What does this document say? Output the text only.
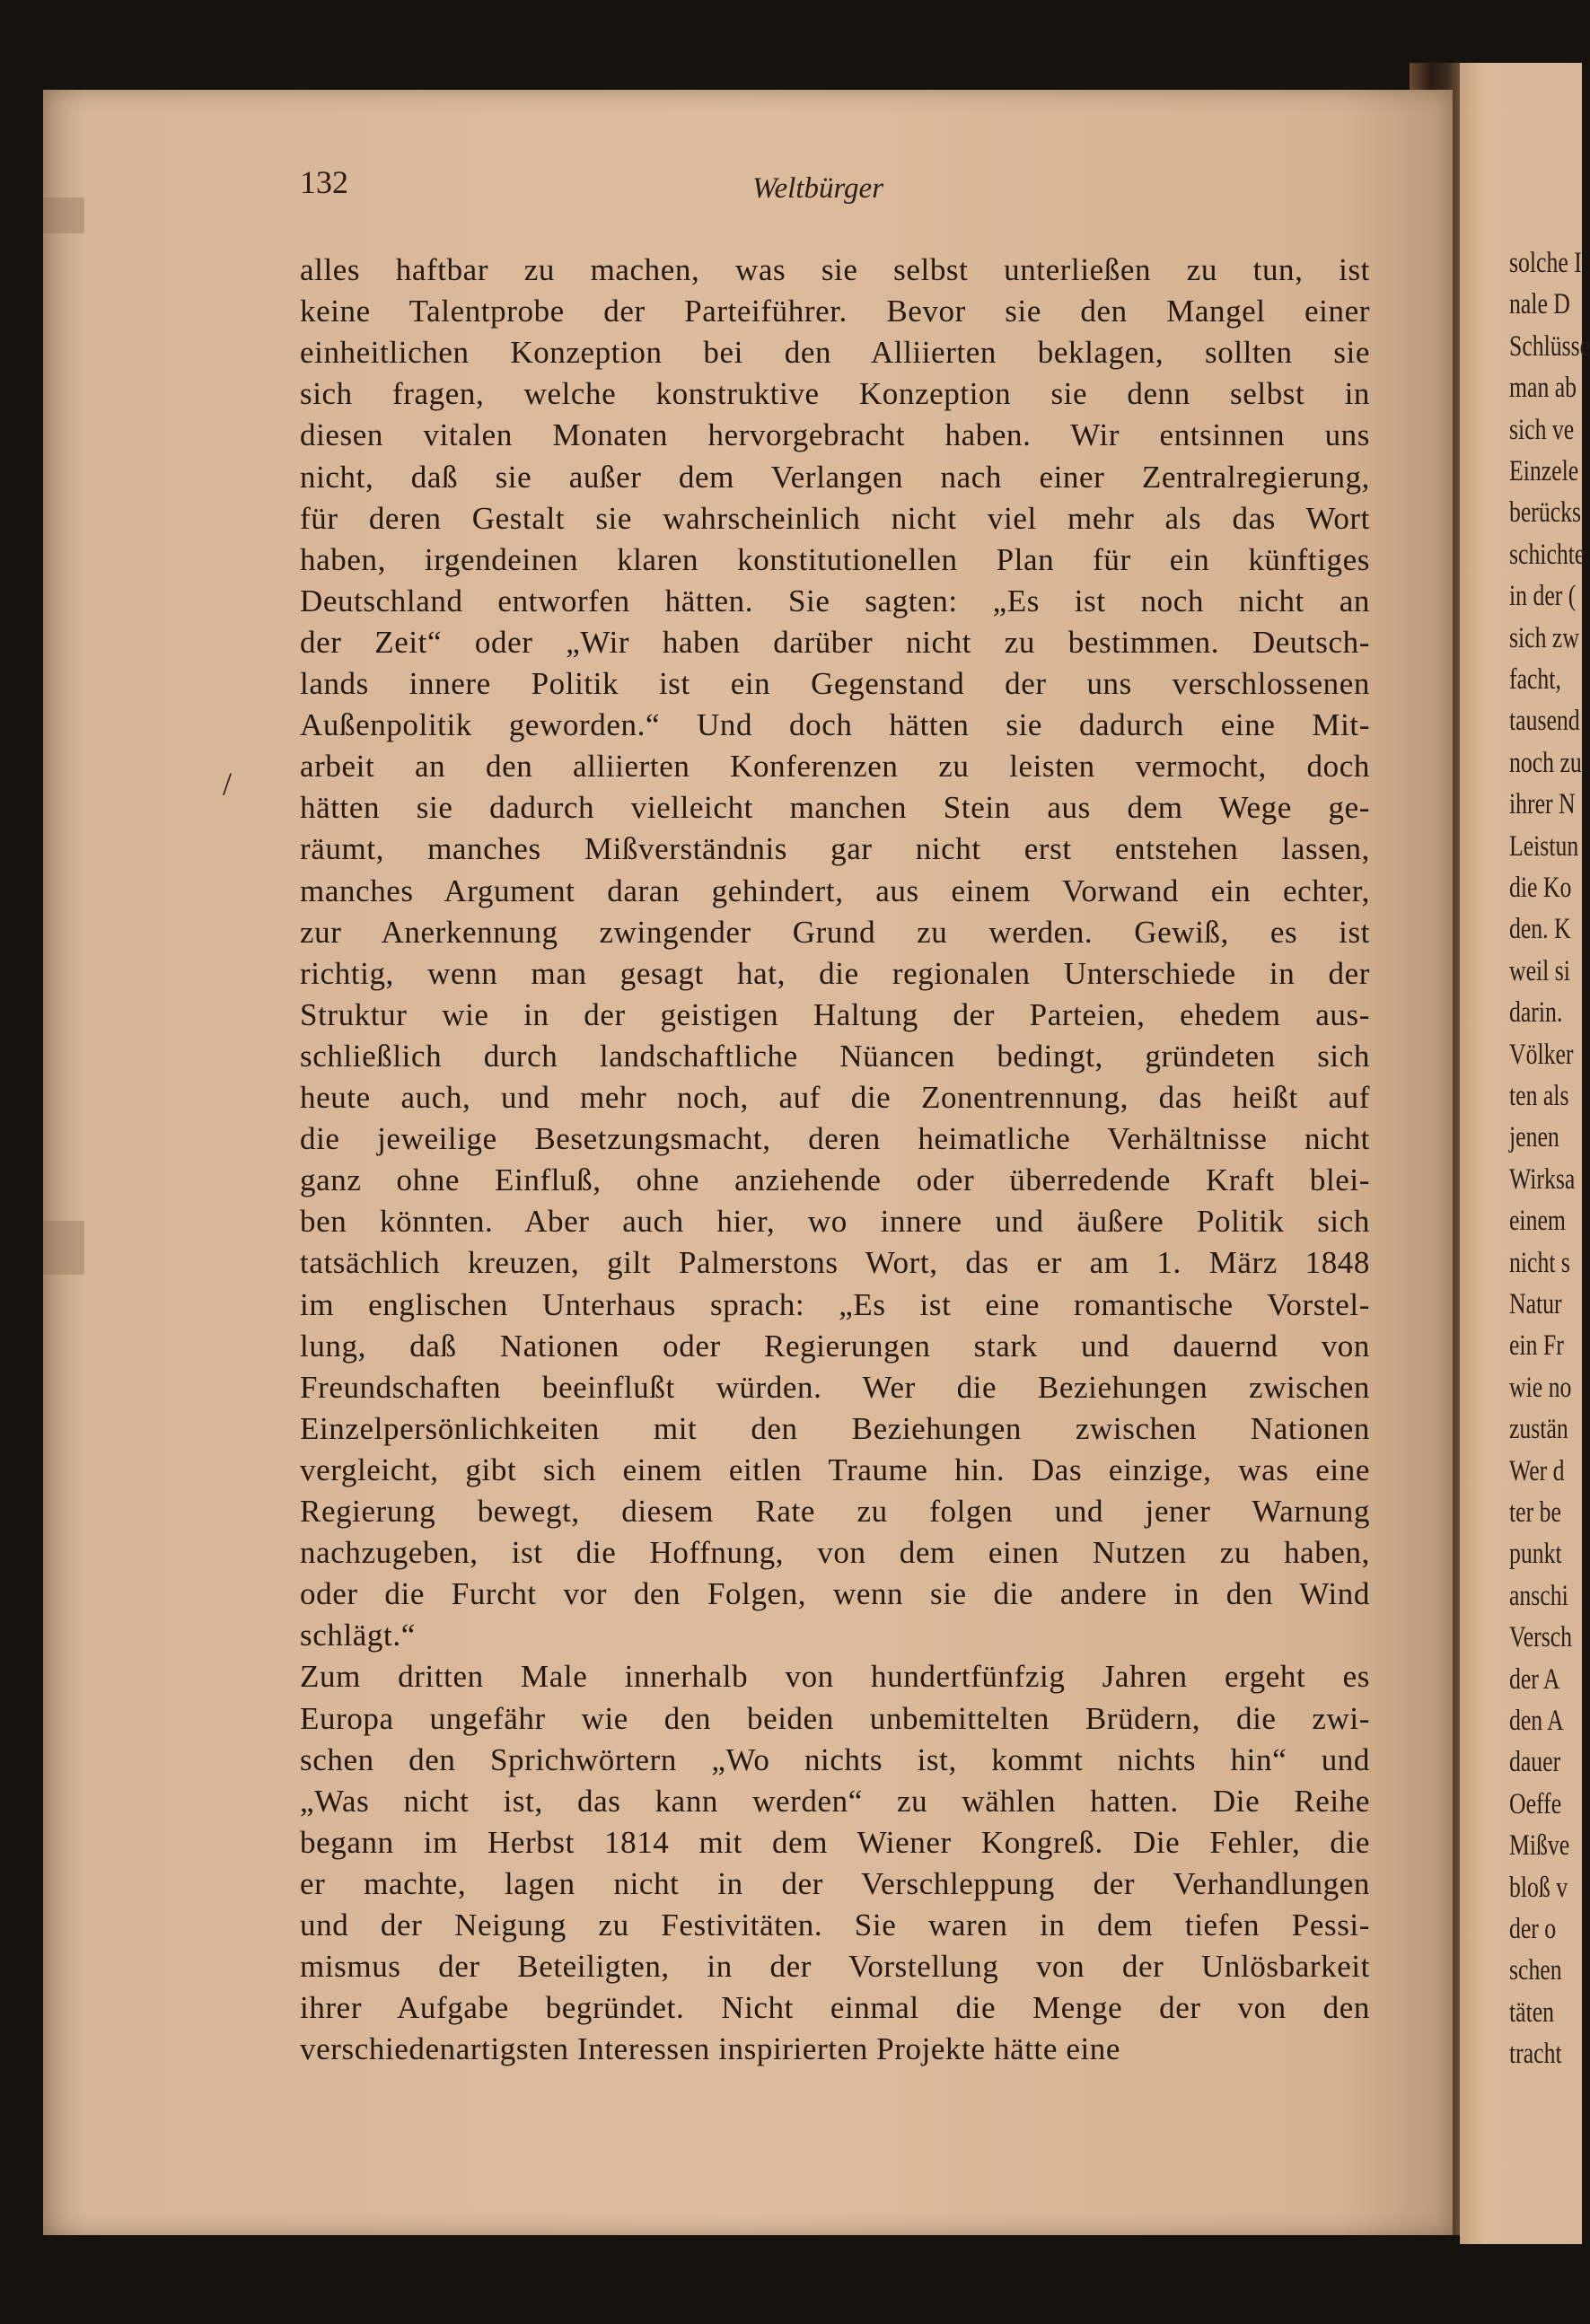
solche I
nale D
Schlüsse
man ab
sich ve
Einzele
berücks
schichte
in der (
sich zw
facht,
tausend
noch zu
ihrer N
Leistun
die Ko
den. K
weil si
darin.
Völker
ten als
jenen
Wirksa
einem
nicht s
Natur
ein Fr
wie no
zustän
Wer d
ter be
punkt
anschi
Versch
der A
den A
dauer
Oeffe
Mißve
bloß v
der o
schen
täten
tracht
132	Weltbürger
/
alles haftbar zu machen, was sie selbst unterließen zu tun, ist
keine Talentprobe der Parteiführer. Bevor sie den Mangel einer
einheitlichen Konzeption bei den Alliierten beklagen, sollten sie
sich fragen, welche konstruktive Konzeption sie denn selbst in
diesen vitalen Monaten hervorgebracht haben. Wir entsinnen uns
nicht, daß sie außer dem Verlangen nach einer Zentralregierung,
für deren Gestalt sie wahrscheinlich nicht viel mehr als das Wort
haben, irgendeinen klaren konstitutionellen Plan für ein künftiges
Deutschland entworfen hätten. Sie sagten: „Es ist noch nicht an
der Zeit“ oder „Wir haben darüber nicht zu bestimmen. Deutsch-
lands innere Politik ist ein Gegenstand der uns verschlossenen
Außenpolitik geworden.“ Und doch hätten sie dadurch eine Mit-
arbeit an den alliierten Konferenzen zu leisten vermocht, doch
hätten sie dadurch vielleicht manchen Stein aus dem Wege ge-
räumt, manches Mißverständnis gar nicht erst entstehen lassen,
manches Argument daran gehindert, aus einem Vorwand ein echter,
zur Anerkennung zwingender Grund zu werden. Gewiß, es ist
richtig, wenn man gesagt hat, die regionalen Unterschiede in der
Struktur wie in der geistigen Haltung der Parteien, ehedem aus-
schließlich durch landschaftliche Nüancen bedingt, gründeten sich
heute auch, und mehr noch, auf die Zonentrennung, das heißt auf
die jeweilige Besetzungsmacht, deren heimatliche Verhältnisse nicht
ganz ohne Einfluß, ohne anziehende oder überredende Kraft blei-
ben könnten. Aber auch hier, wo innere und äußere Politik sich
tatsächlich kreuzen, gilt Palmerstons Wort, das er am 1. März 1848
im englischen Unterhaus sprach: „Es ist eine romantische Vorstel-
lung, daß Nationen oder Regierungen stark und dauernd von
Freundschaften beeinflußt würden. Wer die Beziehungen zwischen
Einzelpersönlichkeiten mit den Beziehungen zwischen Nationen
vergleicht, gibt sich einem eitlen Traume hin. Das einzige, was eine
Regierung bewegt, diesem Rate zu folgen und jener Warnung
nachzugeben, ist die Hoffnung, von dem einen Nutzen zu haben,
oder die Furcht vor den Folgen, wenn sie die andere in den Wind
schlägt.“
Zum dritten Male innerhalb von hundertfünfzig Jahren ergeht es
Europa ungefähr wie den beiden unbemittelten Brüdern, die zwi-
schen den Sprichwörtern „Wo nichts ist, kommt nichts hin“ und
„Was nicht ist, das kann werden“ zu wählen hatten. Die Reihe
begann im Herbst 1814 mit dem Wiener Kongreß. Die Fehler, die
er machte, lagen nicht in der Verschleppung der Verhandlungen
und der Neigung zu Festivitäten. Sie waren in dem tiefen Pessi-
mismus der Beteiligten, in der Vorstellung von der Unlösbarkeit
ihrer Aufgabe begründet. Nicht einmal die Menge der von den
verschiedenartigsten Interessen inspirierten Projekte hätte eine
